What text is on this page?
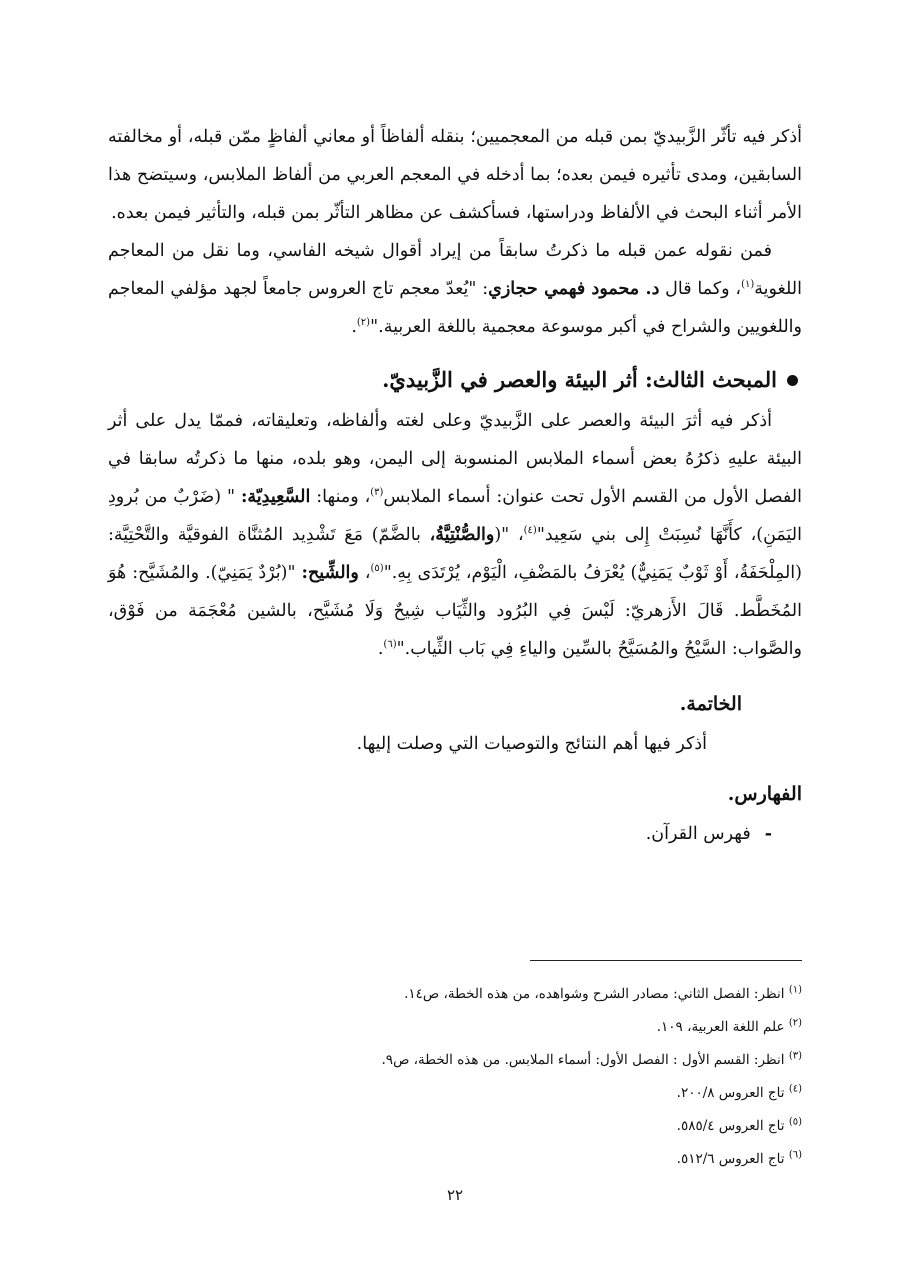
أذكر فيه تأثّر الزَّبيديّ بمن قبله من المعجميين؛ بنقله ألفاظاً أو معاني ألفاظٍ ممّن قبله، أو مخالفته السابقين، ومدى تأثيره فيمن بعده؛ بما أدخله في المعجم العربي من ألفاظ الملابس، وسيتضح هذا الأمر أثناء البحث في الألفاظ ودراستها، فسأكشف عن مظاهر التأثّر بمن قبله، والتأثير فيمن بعده.

فمن نقوله عمن قبله ما ذكرتُ سابقاً من إيراد أقوال شيخه الفاسي، وما نقل من المعاجم اللغوية$^{(١)}$، وكما قال د. محمود فهمي حجازي: "يُعدّ معجم تاج العروس جامعاً لجهد مؤلفي المعاجم واللغويين والشراح في أكبر موسوعة معجمية باللغة العربية."$^{(٢)}$.

المبحث الثالث: أثر البيئة والعصر في الزَّبيديّ.

أذكر فيه أثرَ البيئة والعصر على الزَّبيديّ وعلى لغته وألفاظه، وتعليقاته، فممّا يدل على أثر البيئة عليهِ ذكرُهُ بعض أسماء الملابس المنسوبة إلى اليمن، وهو بلده، منها ما ذكرتُه سابقا في الفصل الأول من القسم الأول تحت عنوان: أسماء الملابس$^{(٣)}$، ومنها: السَّعِيدِيّة: " (ضَرْبٌ من بُرودِ اليَمَنِ)، كأَنَّهَا نُسِبَتْ إِلى بني سَعِيد"$^{(٤)}$، "(والصُّنْتِيَّةُ، بالضَّمّ) مَعَ تَشْدِيد المُثنَّاة الفوقيَّة والتَّحْتِيَّة: (المِلْحَفَةُ، أَوْ ثَوْبٌ يَمَنِيٌّ) يُعْرَفُ بالمَضْفِ، الْيَوْم، يُرْتَدَى بِهِ."$^{(٥)}$، والشِّيح: "(بُرْدٌ يَمَنِيّ). والمُشَيَّح: هُوَ المُخَطَّط. قَالَ الأَزهريّ: لَيْسَ فِي البُرُود والثِّيَاب شِيحٌ وَلَا مُشَيَّح، بالشين مُعْجَمَة من فَوْق، والصَّواب: السَّيْحُ والمُسَيَّحُ بالسِّين والياءِ فِي بَاب الثِّياب."$^{(٦)}$.

الخاتمة.

أذكر فيها أهم النتائج والتوصيات التي وصلت إليها.

الفهارس.

-
فهرس القرآن.

$^{(١)}$ انظر: الفصل الثاني: مصادر الشرح وشواهده، من هذه الخطة، ص١٤.

$^{(٢)}$ علم اللغة العربية، ١٠٩.

$^{(٣)}$ انظر: القسم الأول : الفصل الأول: أسماء الملابس. من هذه الخطة، ص٩.

$^{(٤)}$ تاج العروس ٢٠٠/٨.

$^{(٥)}$ تاج العروس ٥٨٥/٤.

$^{(٦)}$ تاج العروس ٥١٢/٦.

٢٢
